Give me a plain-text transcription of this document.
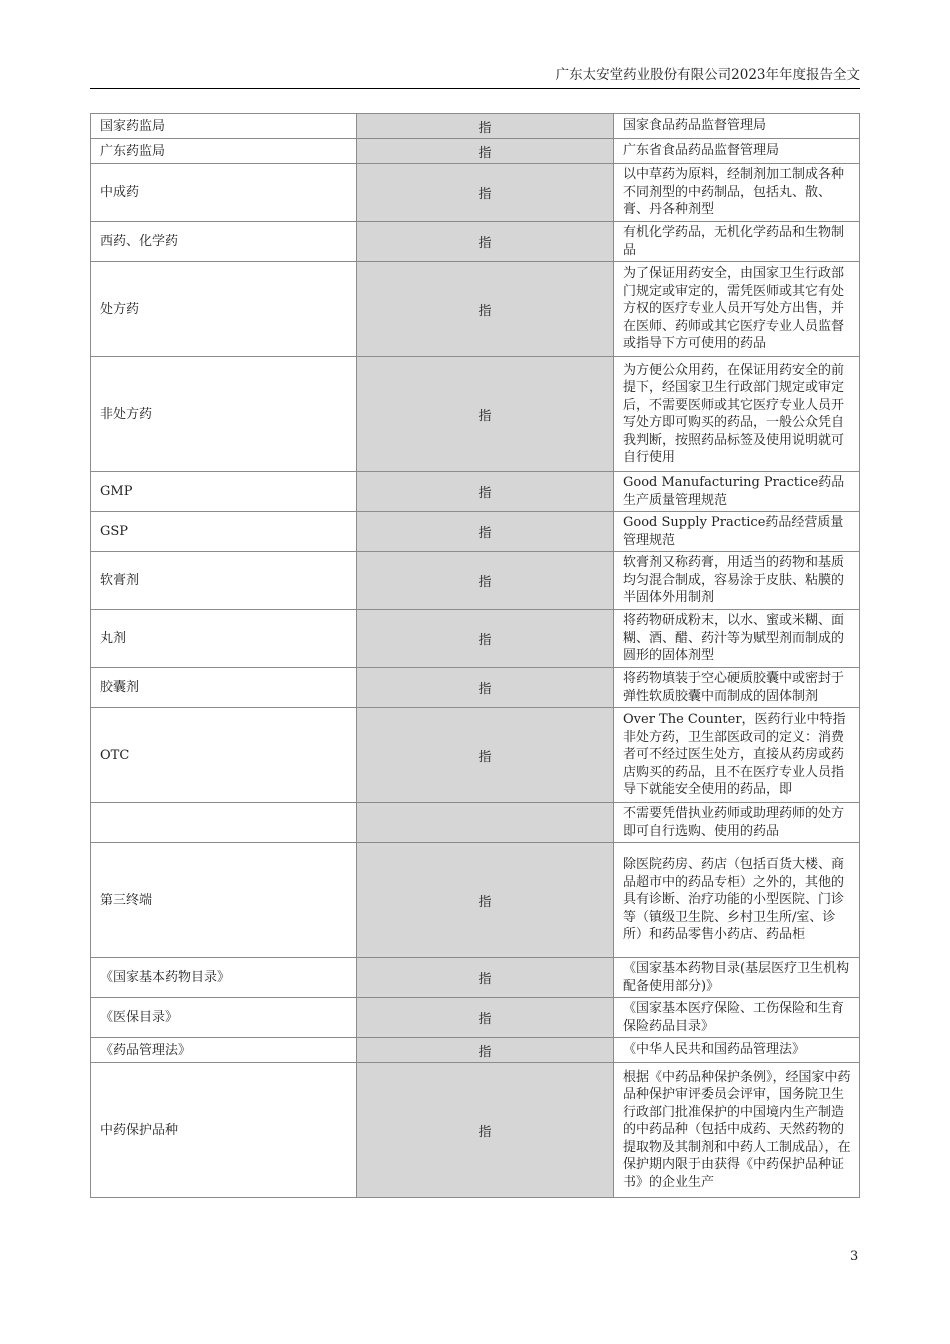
广东太安堂药业股份有限公司2023年年度报告全文
国家药监局	指	国家食品药品监督管理局
广东药监局	指	广东省食品药品监督管理局
中成药	指	以中草药为原料，经制剂加工制成各种不同剂型的中药制品，包括丸、散、膏、丹各种剂型
西药、化学药	指	有机化学药品，无机化学药品和生物制品
处方药	指	为了保证用药安全，由国家卫生行政部门规定或审定的，需凭医师或其它有处方权的医疗专业人员开写处方出售，并在医师、药师或其它医疗专业人员监督或指导下方可使用的药品
非处方药	指	为方便公众用药，在保证用药安全的前提下，经国家卫生行政部门规定或审定后，不需要医师或其它医疗专业人员开写处方即可购买的药品，一般公众凭自我判断，按照药品标签及使用说明就可自行使用
GMP	指	Good Manufacturing Practice药品生产质量管理规范
GSP	指	Good Supply Practice药品经营质量管理规范
软膏剂	指	软膏剂又称药膏，用适当的药物和基质均匀混合制成，容易涂于皮肤、粘膜的半固体外用制剂
丸剂	指	将药物研成粉末，以水、蜜或米糊、面糊、酒、醋、药汁等为赋型剂而制成的圆形的固体剂型
胶囊剂	指	将药物填装于空心硬质胶囊中或密封于弹性软质胶囊中而制成的固体制剂
OTC	指	Over The Counter，医药行业中特指非处方药，卫生部医政司的定义：消费者可不经过医生处方，直接从药房或药店购买的药品，且不在医疗专业人员指导下就能安全使用的药品，即
		不需要凭借执业药师或助理药师的处方即可自行选购、使用的药品
第三终端	指	除医院药房、药店（包括百货大楼、商品超市中的药品专柜）之外的，其他的具有诊断、治疗功能的小型医院、门诊等（镇级卫生院、乡村卫生所/室、诊所）和药品零售小药店、药品柜
《国家基本药物目录》	指	《国家基本药物目录(基层医疗卫生机构配备使用部分)》
《医保目录》	指	《国家基本医疗保险、工伤保险和生育保险药品目录》
《药品管理法》	指	《中华人民共和国药品管理法》
中药保护品种	指	根据《中药品种保护条例》，经国家中药品种保护审评委员会评审，国务院卫生行政部门批准保护的中国境内生产制造的中药品种（包括中成药、天然药物的提取物及其制剂和中药人工制成品），在保护期内限于由获得《中药保护品种证书》的企业生产
3
